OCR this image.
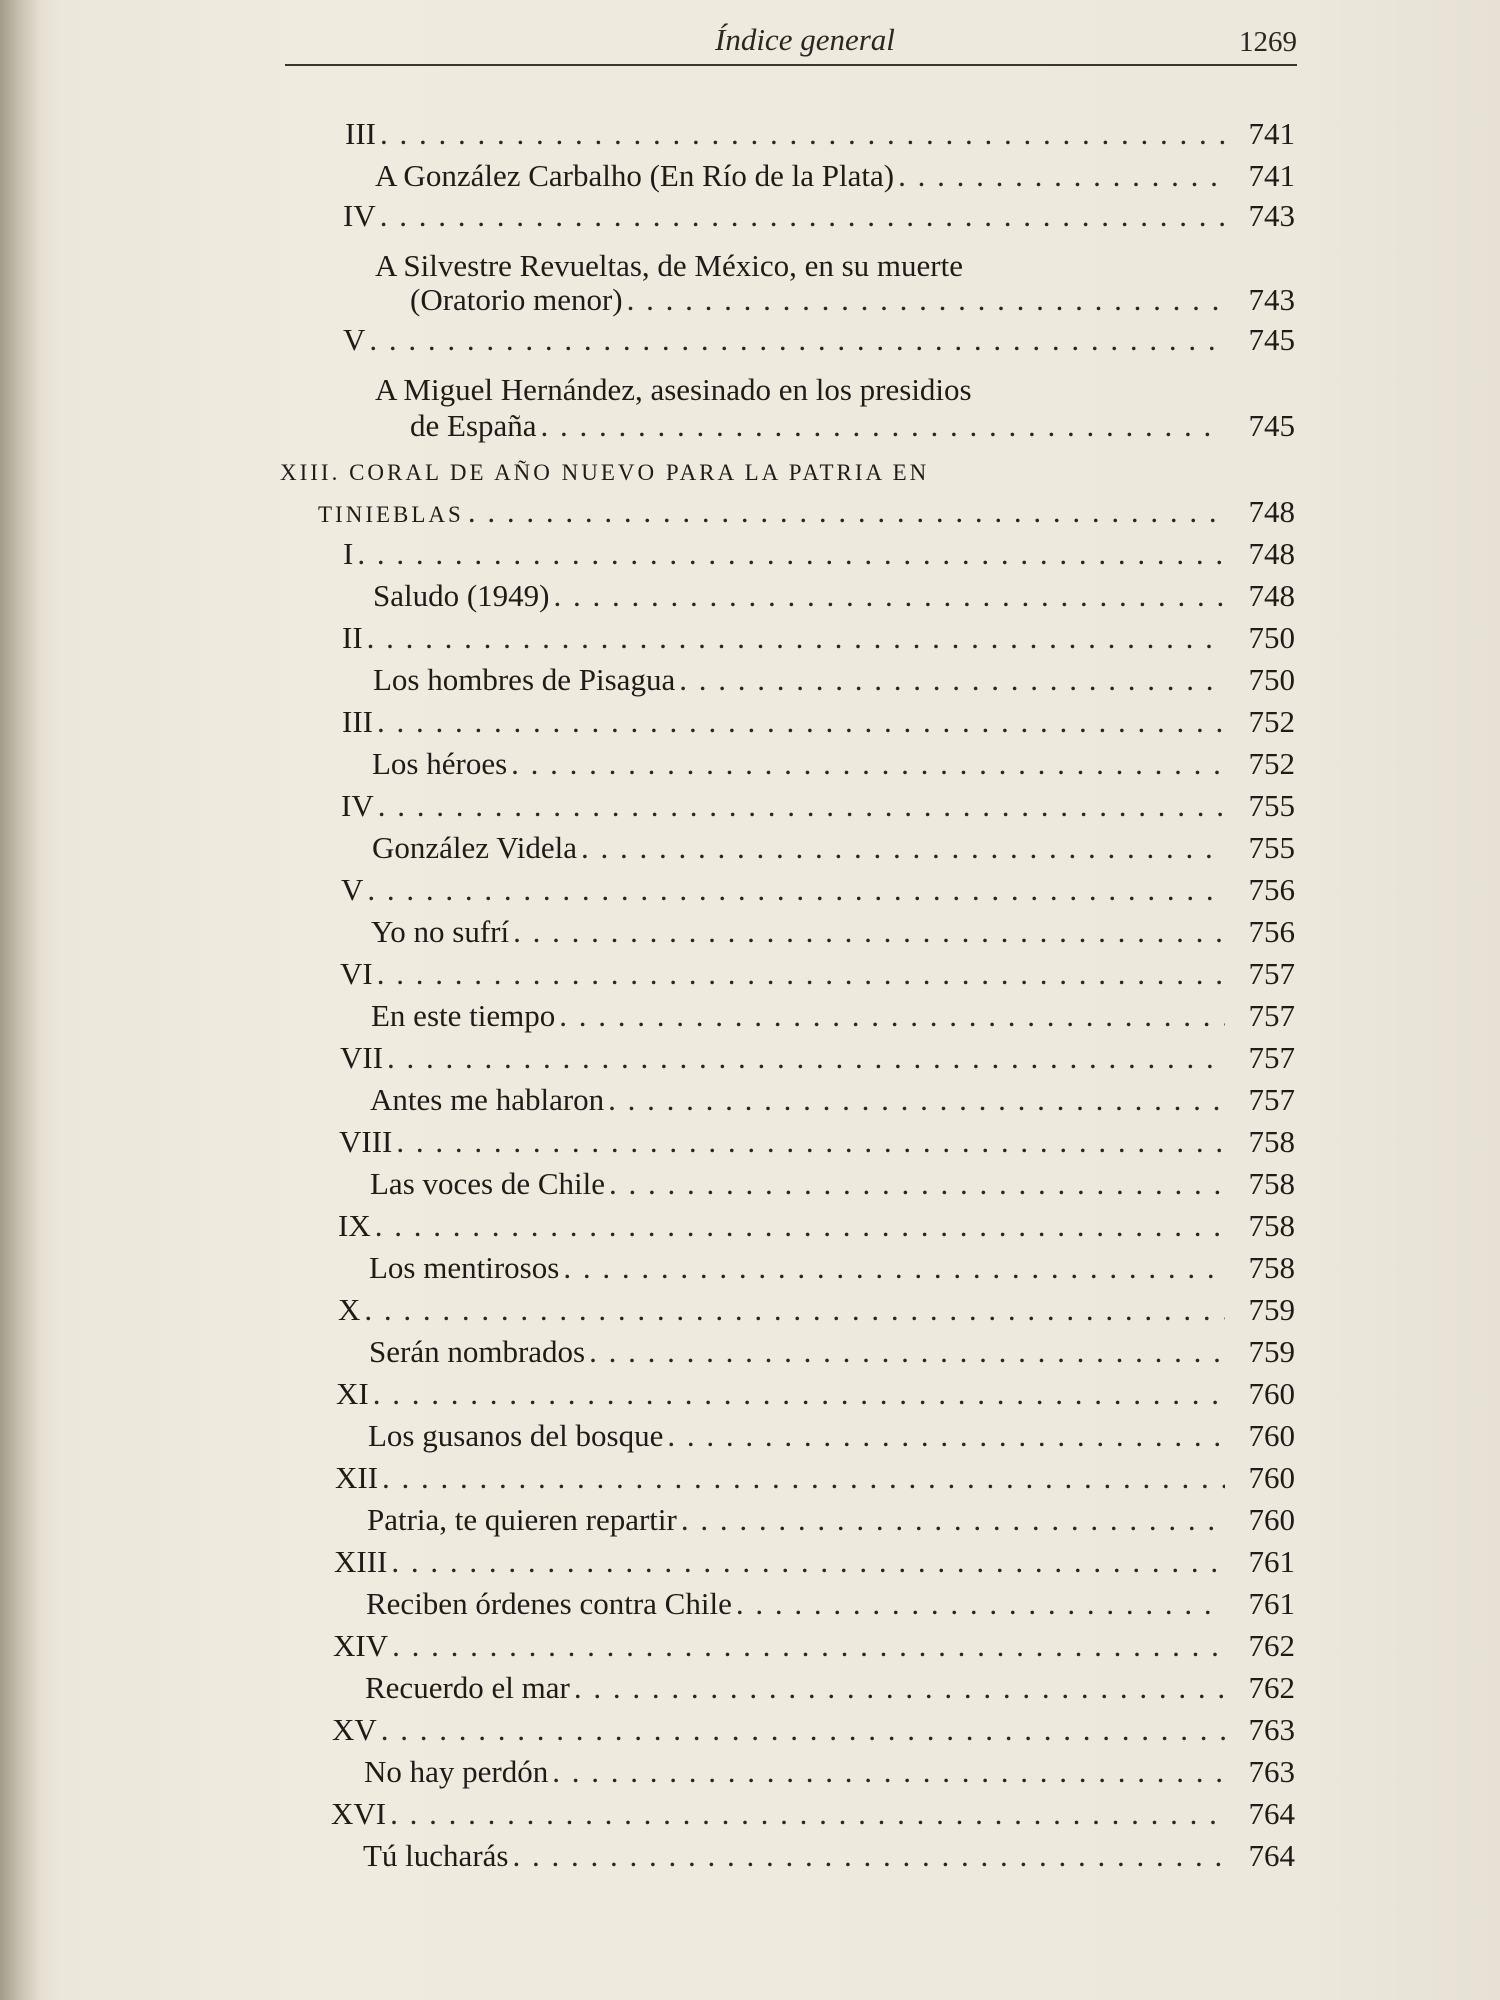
Índice general	1269
III . . .	741
A González Carbalho (En Río de la Plata) . . .	741
IV . . .	743
A Silvestre Revueltas, de México, en su muerte
(Oratorio menor) . . .	743
V . . .	745
A Miguel Hernández, asesinado en los presidios
de España . . .	745
XIII. CORAL DE AÑO NUEVO PARA LA PATRIA EN
TINIEBLAS . . .	748
I . . .	748
Saludo (1949) . . .	748
II . . .	750
Los hombres de Pisagua . . .	750
III . . .	752
Los héroes . . .	752
IV . . .	755
González Videla . . .	755
V . . .	756
Yo no sufrí . . .	756
VI . . .	757
En este tiempo . . .	757
VII . . .	757
Antes me hablaron . . .	757
VIII . . .	758
Las voces de Chile . . .	758
IX . . .	758
Los mentirosos . . .	758
X . . .	759
Serán nombrados . . .	759
XI . . .	760
Los gusanos del bosque . . .	760
XII . . .	760
Patria, te quieren repartir . . .	760
XIII . . .	761
Reciben órdenes contra Chile . . .	761
XIV . . .	762
Recuerdo el mar . . .	762
XV . . .	763
No hay perdón . . .	763
XVI . . .	764
Tú lucharás . . .	764
